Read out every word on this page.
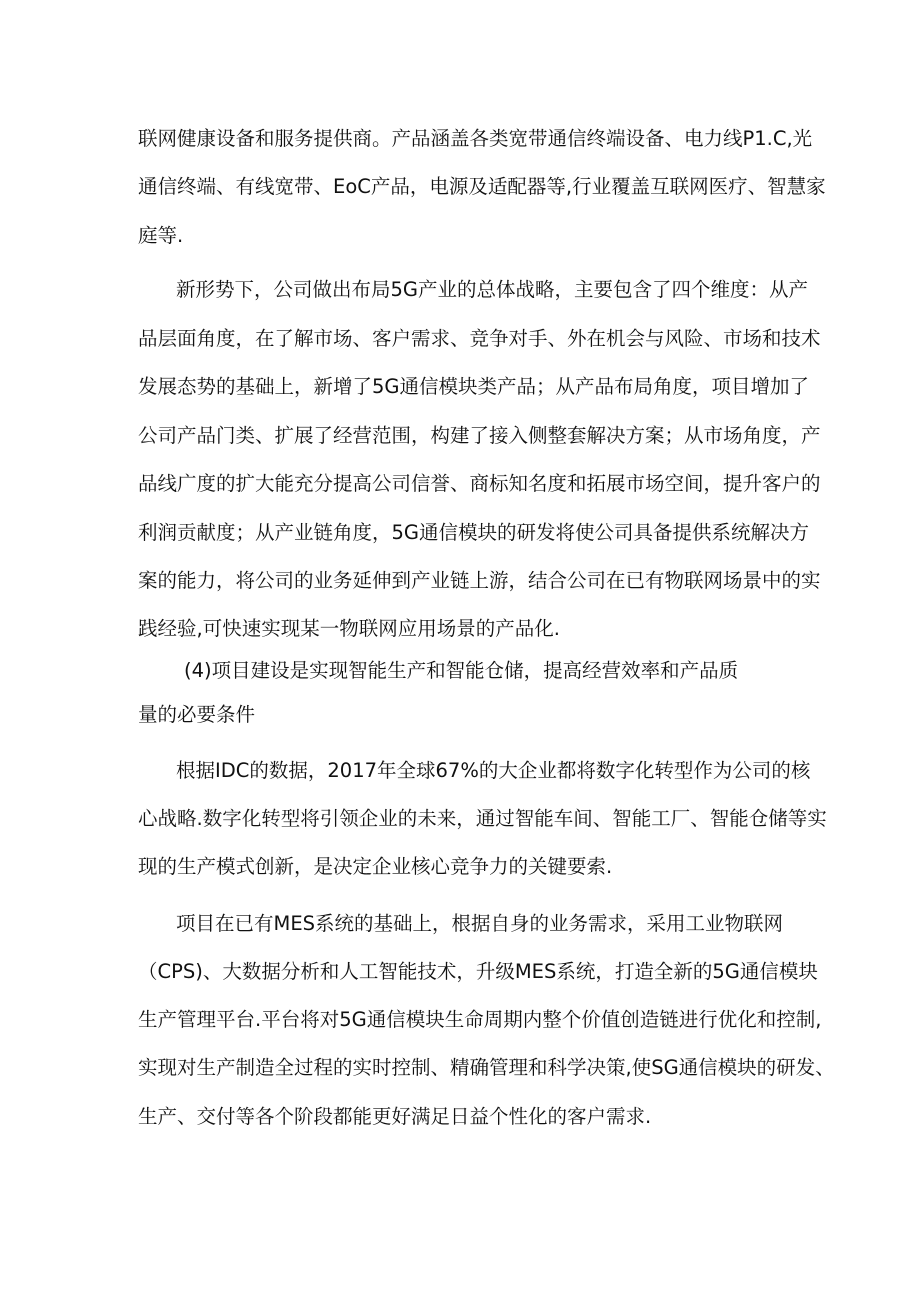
联网健康设备和服务提供商。产品涵盖各类宽带通信终端设备、电力线P1.C,光

通信终端、有线宽带、EoC产品，电源及适配器等,行业覆盖互联网医疗、智慧家

庭等.

新形势下，公司做出布局5G产业的总体战略，主要包含了四个维度：从产

品层面角度，在了解市场、客户需求、竞争对手、外在机会与风险、市场和技术

发展态势的基础上，新增了5G通信模块类产品；从产品布局角度，项目增加了

公司产品门类、扩展了经营范围，构建了接入侧整套解决方案；从市场角度，产

品线广度的扩大能充分提高公司信誉、商标知名度和拓展市场空间，提升客户的

利润贡献度；从产业链角度，5G通信模块的研发将使公司具备提供系统解决方

案的能力，将公司的业务延伸到产业链上游，结合公司在已有物联网场景中的实

践经验,可快速实现某一物联网应用场景的产品化.

(4)项目建设是实现智能生产和智能仓储，提高经营效率和产品质

量的必要条件

根据IDC的数据，2017年全球67%的大企业都将数字化转型作为公司的核

心战略.数字化转型将引领企业的未来，通过智能车间、智能工厂、智能仓储等实

现的生产模式创新，是决定企业核心竞争力的关键要索.

项目在已有MES系统的基础上，根据自身的业务需求，采用工业物联网

（CPS)、大数据分析和人工智能技术，升级MES系统，打造全新的5G通信模块

生产管理平台.平台将对5G通信模块生命周期内整个价值创造链进行优化和控制,

实现对生产制造全过程的实时控制、精确管理和科学决策,使SG通信模块的研发、

生产、交付等各个阶段都能更好满足日益个性化的客户需求.
